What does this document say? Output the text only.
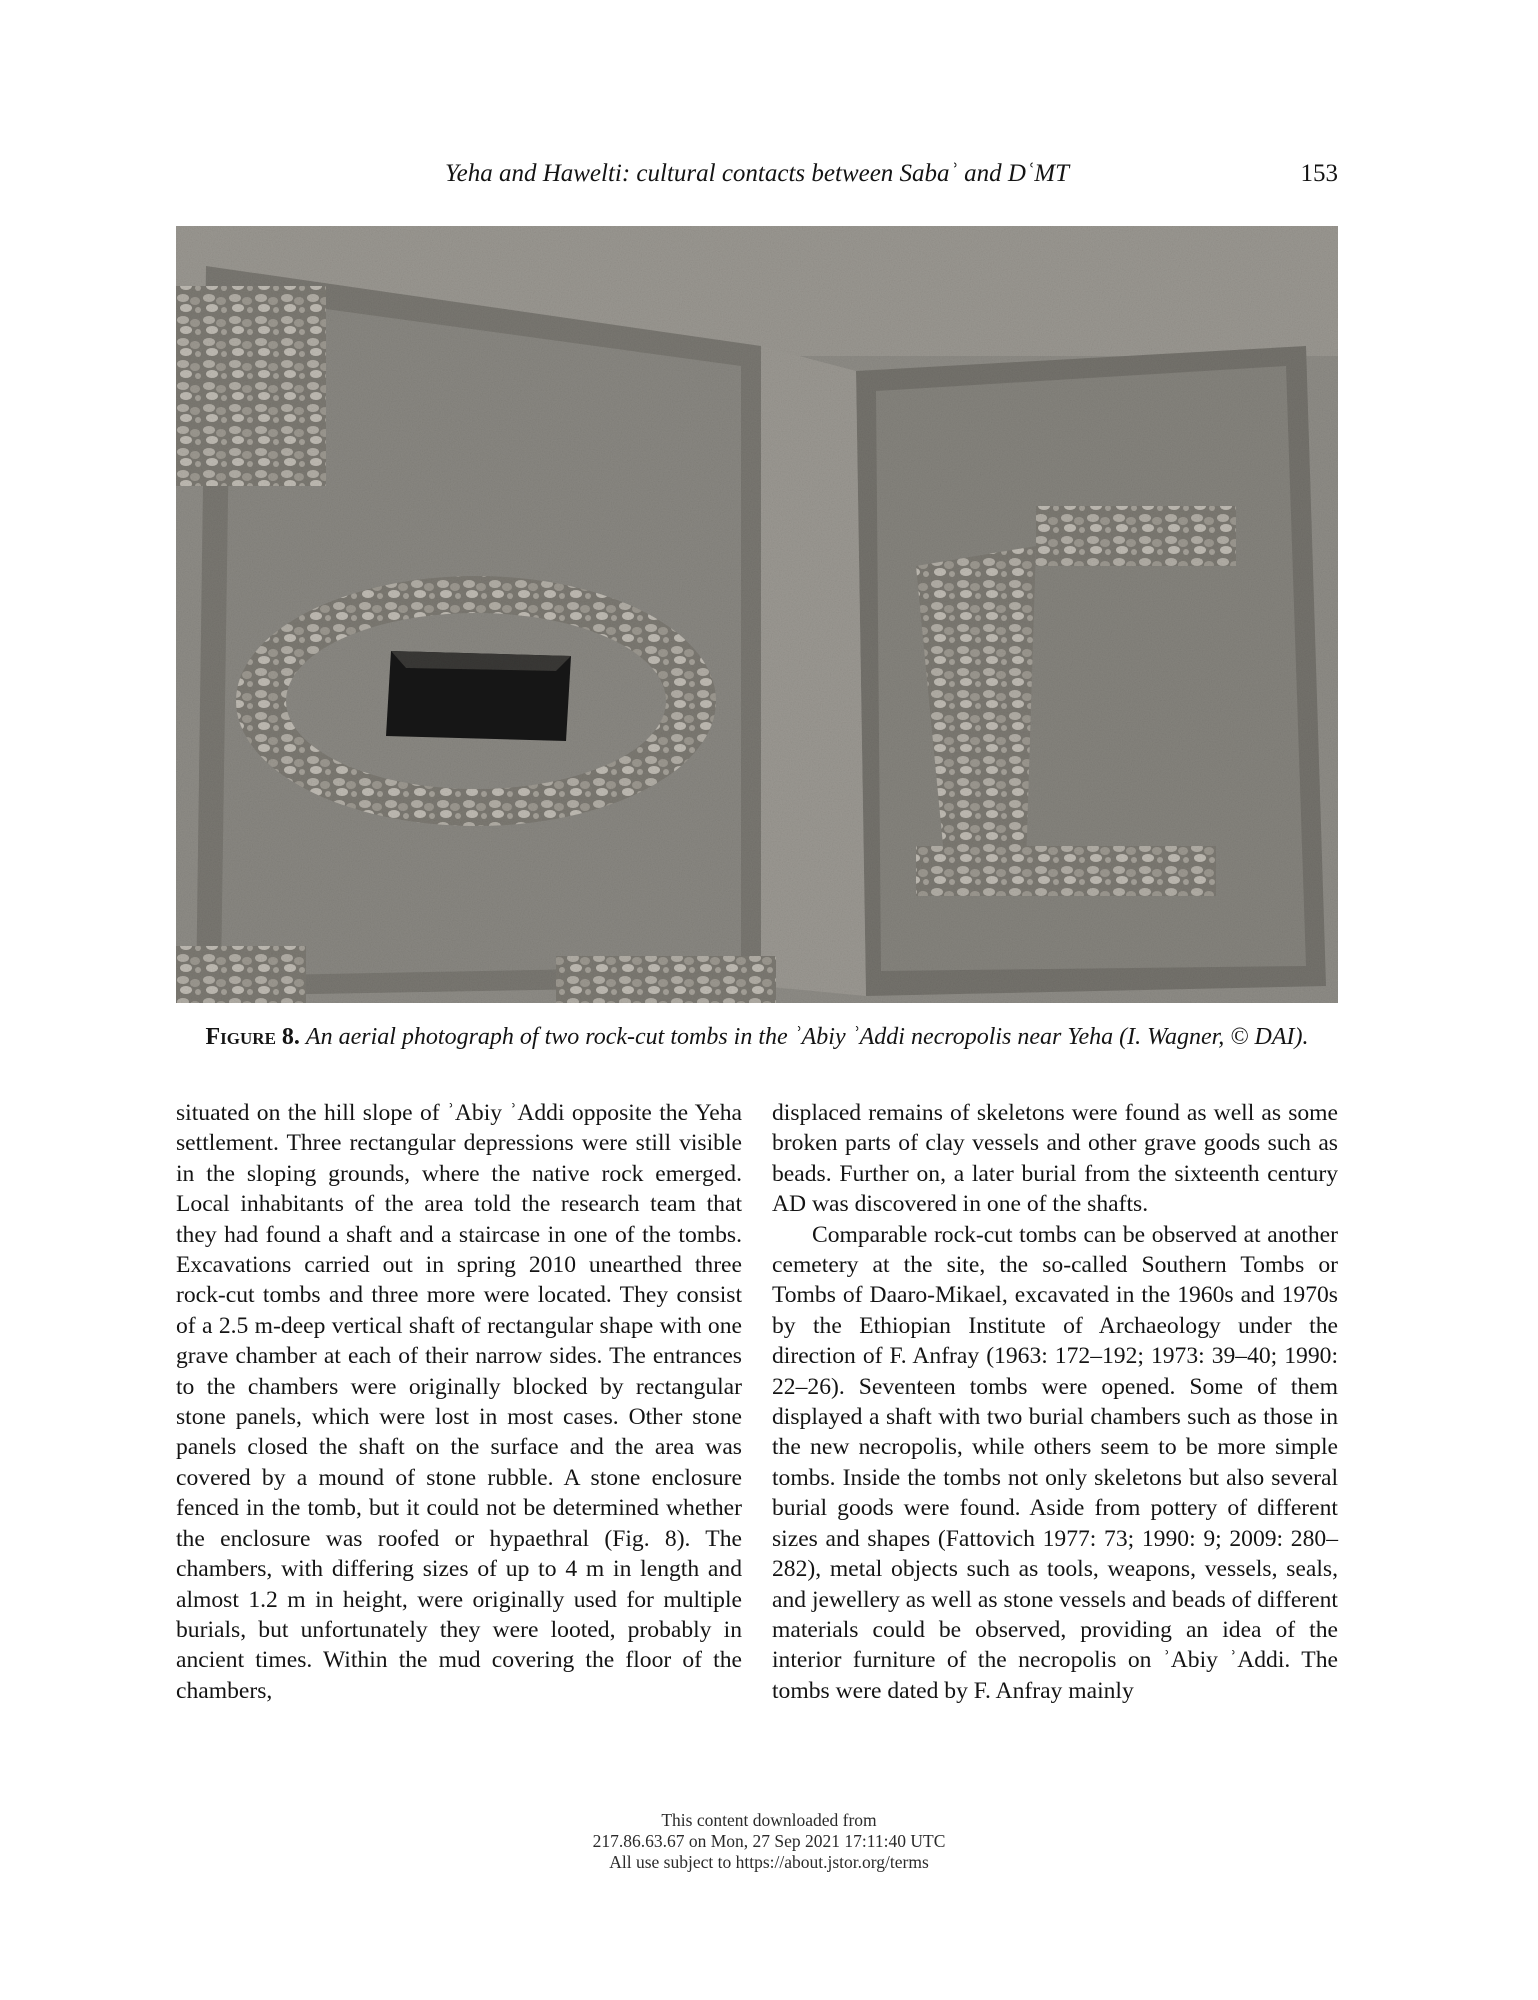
Yeha and Hawelti: cultural contacts between Sabaʾ and DʿMT	153
Figure 8. An aerial photograph of two rock-cut tombs in the ʾAbiy ʾAddi necropolis near Yeha (I. Wagner, © DAI).

situated on the hill slope of ʾAbiy ʾAddi opposite the Yeha settlement. Three rectangular depressions were still visible in the sloping grounds, where the native rock emerged. Local inhabitants of the area told the research team that they had found a shaft and a staircase in one of the tombs. Excavations carried out in spring 2010 unearthed three rock-cut tombs and three more were located. They consist of a 2.5 m-deep vertical shaft of rectangular shape with one grave chamber at each of their narrow sides. The entrances to the chambers were originally blocked by rectangular stone panels, which were lost in most cases. Other stone panels closed the shaft on the surface and the area was covered by a mound of stone rubble. A stone enclosure fenced in the tomb, but it could not be determined whether the enclosure was roofed or hypaethral (Fig. 8). The chambers, with differing sizes of up to 4 m in length and almost 1.2 m in height, were originally used for multiple burials, but unfortunately they were looted, probably in ancient times. Within the mud covering the floor of the chambers,

displaced remains of skeletons were found as well as some broken parts of clay vessels and other grave goods such as beads. Further on, a later burial from the sixteenth century AD was discovered in one of the shafts.

Comparable rock-cut tombs can be observed at another cemetery at the site, the so-called Southern Tombs or Tombs of Daaro-Mikael, excavated in the 1960s and 1970s by the Ethiopian Institute of Archaeology under the direction of F. Anfray (1963: 172–192; 1973: 39–40; 1990: 22–26). Seventeen tombs were opened. Some of them displayed a shaft with two burial chambers such as those in the new necropolis, while others seem to be more simple tombs. Inside the tombs not only skeletons but also several burial goods were found. Aside from pottery of different sizes and shapes (Fattovich 1977: 73; 1990: 9; 2009: 280–282), metal objects such as tools, weapons, vessels, seals, and jewellery as well as stone vessels and beads of different materials could be observed, providing an idea of the interior furniture of the necropolis on ʾAbiy ʾAddi. The tombs were dated by F. Anfray mainly

This content downloaded from
217.86.63.67 on Mon, 27 Sep 2021 17:11:40 UTC
All use subject to https://about.jstor.org/terms
